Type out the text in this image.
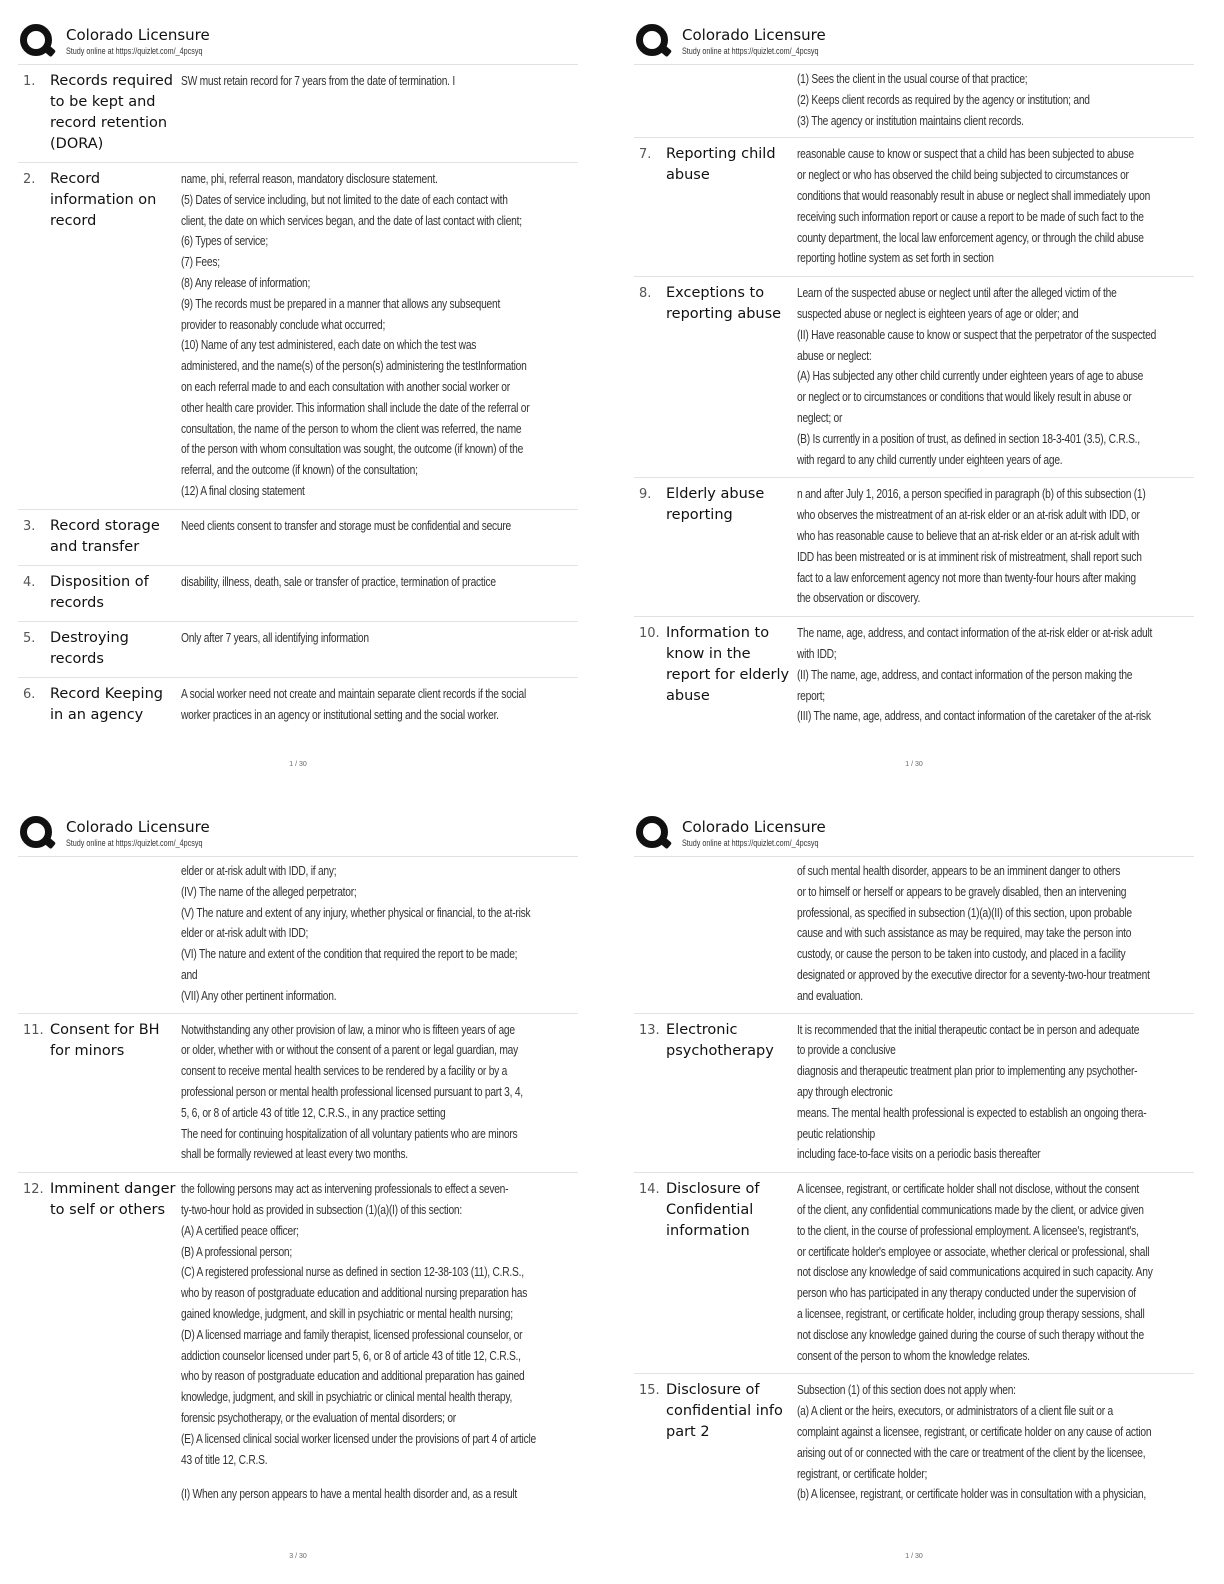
Colorado Licensure
Study online at https://quizlet.com/_4pcsyq
1.	Records required to be kept and record retention (DORA)
SW must retain record for 7 years from the date of termination. I
2.	Record information on record
name, phi, referral reason, mandatory disclosure statement.
(5) Dates of service including, but not limited to the date of each contact with
client, the date on which services began, and the date of last contact with client;
(6) Types of service;
(7) Fees;
(8) Any release of information;
(9) The records must be prepared in a manner that allows any subsequent
provider to reasonably conclude what occurred;
(10) Name of any test administered, each date on which the test was
administered, and the name(s) of the person(s) administering the testInformation
on each referral made to and each consultation with another social worker or
other health care provider. This information shall include the date of the referral or
consultation, the name of the person to whom the client was referred, the name
of the person with whom consultation was sought, the outcome (if known) of the
referral, and the outcome (if known) of the consultation;
(12) A final closing statement
3.	Record storage and transfer
Need clients consent to transfer and storage must be confidential and secure
4.	Disposition of records
disability, illness, death, sale or transfer of practice, termination of practice
5.	Destroying records
Only after 7 years, all identifying information
6.	Record Keeping in an agency
A social worker need not create and maintain separate client records if the social
worker practices in an agency or institutional setting and the social worker.
1 / 30
Colorado Licensure
Study online at https://quizlet.com/_4pcsyq
(1) Sees the client in the usual course of that practice;
(2) Keeps client records as required by the agency or institution; and
(3) The agency or institution maintains client records.
7.	Reporting child abuse
reasonable cause to know or suspect that a child has been subjected to abuse
or neglect or who has observed the child being subjected to circumstances or
conditions that would reasonably result in abuse or neglect shall immediately upon
receiving such information report or cause a report to be made of such fact to the
county department, the local law enforcement agency, or through the child abuse
reporting hotline system as set forth in section
8.	Exceptions to reporting abuse
Learn of the suspected abuse or neglect until after the alleged victim of the
suspected abuse or neglect is eighteen years of age or older; and
(II) Have reasonable cause to know or suspect that the perpetrator of the suspected
abuse or neglect:
(A) Has subjected any other child currently under eighteen years of age to abuse
or neglect or to circumstances or conditions that would likely result in abuse or
neglect; or
(B) Is currently in a position of trust, as defined in section 18-3-401 (3.5), C.R.S.,
with regard to any child currently under eighteen years of age.
9.	Elderly abuse reporting
n and after July 1, 2016, a person specified in paragraph (b) of this subsection (1)
who observes the mistreatment of an at-risk elder or an at-risk adult with IDD, or
who has reasonable cause to believe that an at-risk elder or an at-risk adult with
IDD has been mistreated or is at imminent risk of mistreatment, shall report such
fact to a law enforcement agency not more than twenty-four hours after making
the observation or discovery.
10. Information to know in the report for elderly abuse
The name, age, address, and contact information of the at-risk elder or at-risk adult
with IDD;
(II) The name, age, address, and contact information of the person making the
report;
(III) The name, age, address, and contact information of the caretaker of the at-risk
1 / 30
Colorado Licensure
Study online at https://quizlet.com/_4pcsyq
elder or at-risk adult with IDD, if any;
(IV) The name of the alleged perpetrator;
(V) The nature and extent of any injury, whether physical or financial, to the at-risk
elder or at-risk adult with IDD;
(VI) The nature and extent of the condition that required the report to be made;
and
(VII) Any other pertinent information.
11. Consent for BH for minors
Notwithstanding any other provision of law, a minor who is fifteen years of age
or older, whether with or without the consent of a parent or legal guardian, may
consent to receive mental health services to be rendered by a facility or by a
professional person or mental health professional licensed pursuant to part 3, 4,
5, 6, or 8 of article 43 of title 12, C.R.S., in any practice setting
The need for continuing hospitalization of all voluntary patients who are minors
shall be formally reviewed at least every two months.
12. Imminent danger to self or others
the following persons may act as intervening professionals to effect a seven-
ty-two-hour hold as provided in subsection (1)(a)(I) of this section:
(A) A certified peace officer;
(B) A professional person;
(C) A registered professional nurse as defined in section 12-38-103 (11), C.R.S.,
who by reason of postgraduate education and additional nursing preparation has
gained knowledge, judgment, and skill in psychiatric or mental health nursing;
(D) A licensed marriage and family therapist, licensed professional counselor, or
addiction counselor licensed under part 5, 6, or 8 of article 43 of title 12, C.R.S.,
who by reason of postgraduate education and additional preparation has gained
knowledge, judgment, and skill in psychiatric or clinical mental health therapy,
forensic psychotherapy, or the evaluation of mental disorders; or
(E) A licensed clinical social worker licensed under the provisions of part 4 of article
43 of title 12, C.R.S.
(I) When any person appears to have a mental health disorder and, as a result
3 / 30
Colorado Licensure
Study online at https://quizlet.com/_4pcsyq
of such mental health disorder, appears to be an imminent danger to others
or to himself or herself or appears to be gravely disabled, then an intervening
professional, as specified in subsection (1)(a)(II) of this section, upon probable
cause and with such assistance as may be required, may take the person into
custody, or cause the person to be taken into custody, and placed in a facility
designated or approved by the executive director for a seventy-two-hour treatment
and evaluation.
13. Electronic psychotherapy
It is recommended that the initial therapeutic contact be in person and adequate
to provide a conclusive
diagnosis and therapeutic treatment plan prior to implementing any psychother-
apy through electronic
means. The mental health professional is expected to establish an ongoing thera-
peutic relationship
including face-to-face visits on a periodic basis thereafter
14. Disclosure of Confidential information
A licensee, registrant, or certificate holder shall not disclose, without the consent
of the client, any confidential communications made by the client, or advice given
to the client, in the course of professional employment. A licensee's, registrant's,
or certificate holder's employee or associate, whether clerical or professional, shall
not disclose any knowledge of said communications acquired in such capacity. Any
person who has participated in any therapy conducted under the supervision of
a licensee, registrant, or certificate holder, including group therapy sessions, shall
not disclose any knowledge gained during the course of such therapy without the
consent of the person to whom the knowledge relates.
15. Disclosure of confidential info part 2
Subsection (1) of this section does not apply when:
(a) A client or the heirs, executors, or administrators of a client file suit or a
complaint against a licensee, registrant, or certificate holder on any cause of action
arising out of or connected with the care or treatment of the client by the licensee,
registrant, or certificate holder;
(b) A licensee, registrant, or certificate holder was in consultation with a physician,
1 / 30
